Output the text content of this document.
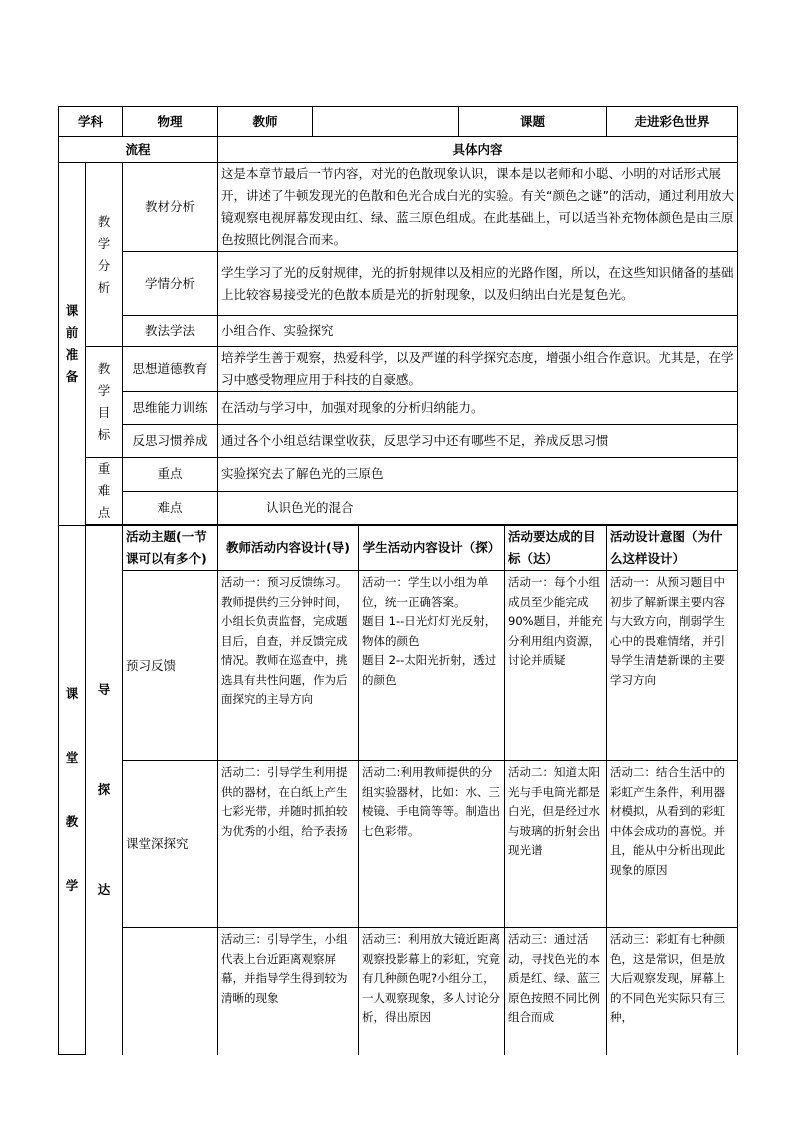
学科		物理	教师			课题		走进彩色世界
流程			具体内容					

课
前
准
备	教
学
分
析	教材分析	这是本章节最后一节内容，对光的色散现象认识，课本是以老师和小聪、小明的对话形式展开，讲述了牛顿发现光的色散和色光合成白光的实验。有关“颜色之谜”的活动，通过利用放大镜观察电视屏幕发现由红、绿、蓝三原色组成。在此基础上，可以适当补充物体颜色是由三原色按照比例混合而来。					
		学情分析	学生学习了光的反射规律，光的折射规律以及相应的光路作图，所以，在这些知识储备的基础上比较容易接受光的色散本质是光的折射现象，以及归纳出白光是复色光。					
		教法学法	小组合作、实验探究					

	教
学
目
标	思想道德教育	培养学生善于观察，热爱科学，以及严谨的科学探究态度，增强小组合作意识。尤其是，在学习中感受物理应用于科技的自豪感。					
		思维能力训练	在活动与学习中，加强对现象的分析归纳能力。					
		反思习惯养成	通过各个小组总结课堂收获，反思学习中还有哪些不足，养成反思习惯					

	重
难
点	重点	实验探究去了解色光的三原色					
		难点	认识色光的混合					

课
堂
教
学	导
探
达	活动主题(一节课可以有多个)	教师活动内容设计(导)		学生活动内容设计（探）		活动要达成的目标（达）	活动设计意图（为什么这样设计）
		预习反馈	活动一：预习反馈练习。教师提供约三分钟时间，小组长负责监督，完成题目后，自查，并反馈完成情况。教师在巡查中，挑选具有共性问题，作为后面探究的主导方向		活动一：学生以小组为单位，统一正确答案。
题目 1--日光灯灯光反射，物体的颜色
题目 2--太阳光折射，透过的颜色		活动一：每个小组成员至少能完成90%题目，并能充分利用组内资源，讨论并质疑	活动一：从预习题目中初步了解新课主要内容与大致方向，削弱学生心中的畏难情绪，并引导学生清楚新课的主要学习方向
		课堂深探究	活动二：引导学生利用提供的器材，在白纸上产生七彩光带，并随时抓拍较为优秀的小组，给予表扬		活动二:利用教师提供的分组实验器材，比如：水、三棱镜、手电筒等等。制造出七色彩带。		活动二：知道太阳光与手电筒光都是白光，但是经过水与玻璃的折射会出现光谱	活动二：结合生活中的彩虹产生条件，利用器材模拟，从看到的彩虹中体会成功的喜悦。并且，能从中分析出现此现象的原因
			活动三：引导学生，小组代表上台近距离观察屏幕，并指导学生得到较为清晰的现象		活动三：利用放大镜近距离观察投影幕上的彩虹，究竟有几种颜色呢?小组分工，一人观察现象，多人讨论分析，得出原因		活动三：通过活动，寻找色光的本质是红、绿、蓝三原色按照不同比例组合而成	活动三：彩虹有七种颜色，这是常识，但是放大后观察发现，屏幕上的不同色光实际只有三种，
